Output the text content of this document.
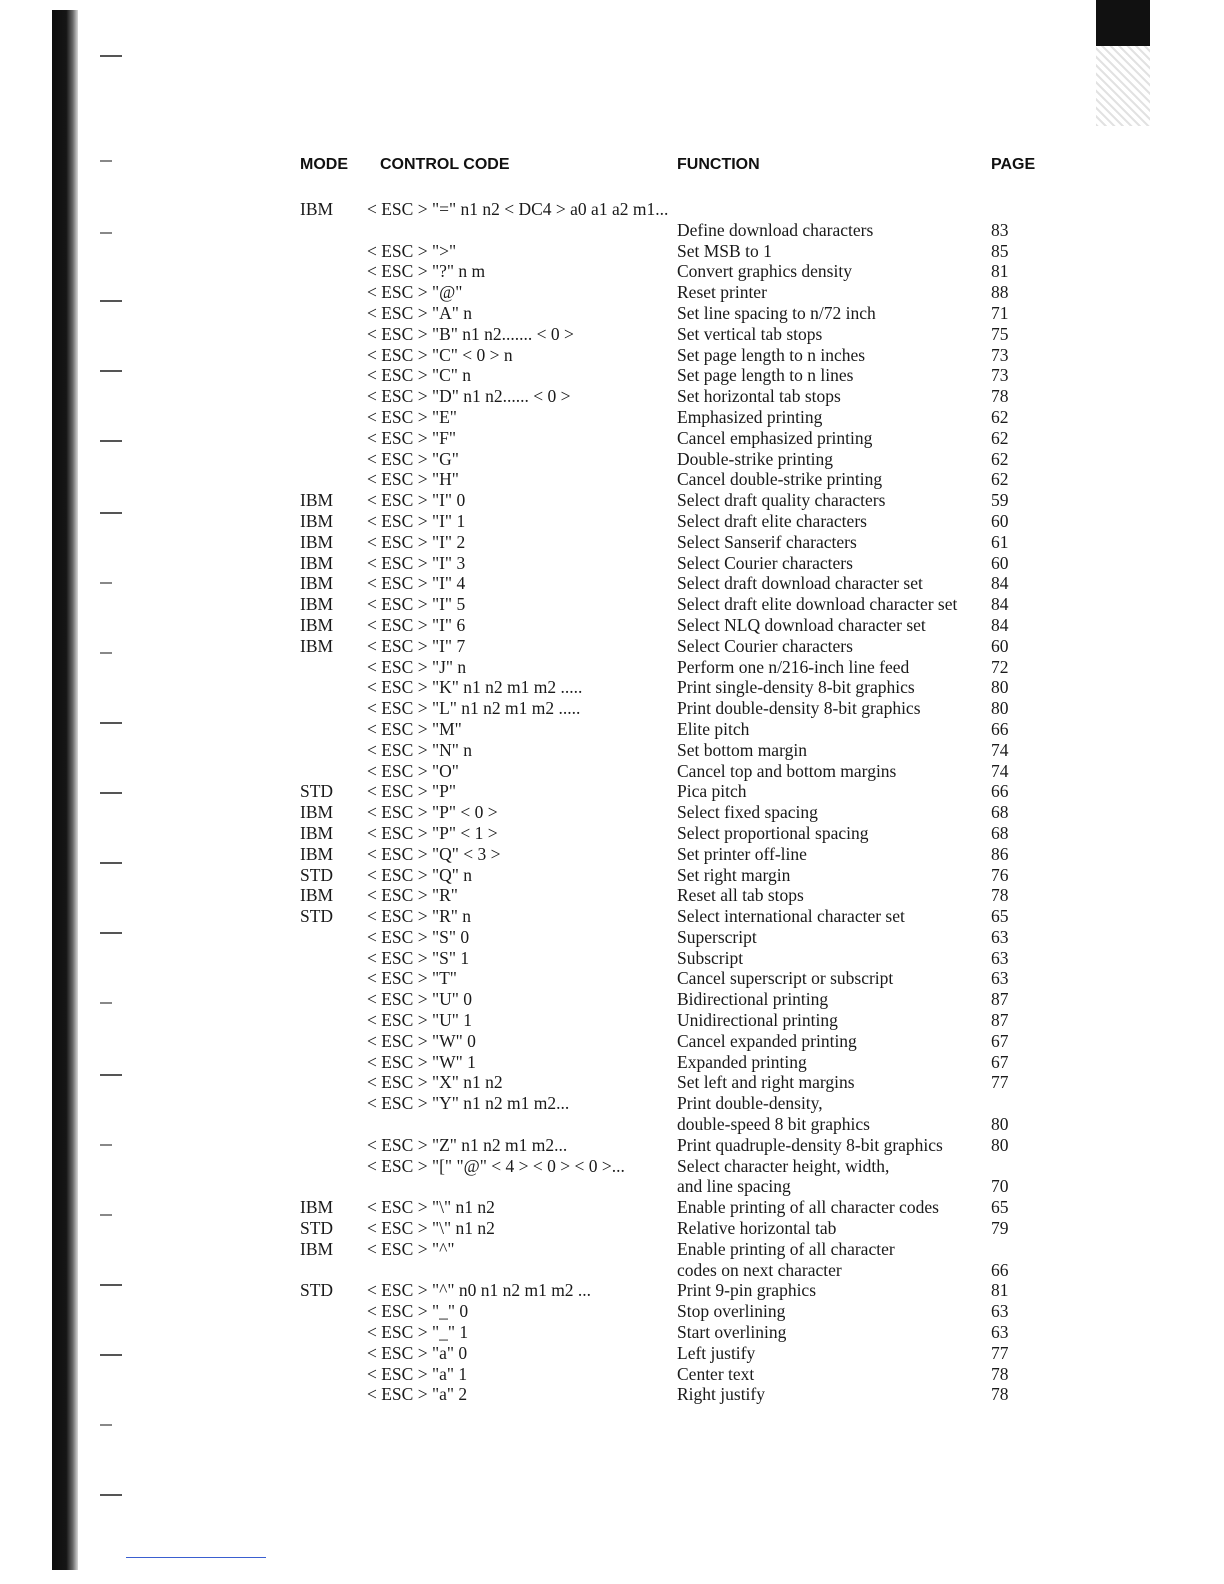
MODE CONTROL CODE	FUNCTION	PAGE
IBM < ESC > "=" n1 n2 < DC4 > a0 a1 a2 m1...
Define download characters	83
< ESC > ">"	Set MSB to 1	85
< ESC > "?" n m	Convert graphics density	81
< ESC > "@"	Reset printer	88
< ESC > "A" n	Set line spacing to n/72 inch	71
< ESC > "B" n1 n2....... < 0 >	Set vertical tab stops	75
< ESC > "C" < 0 > n	Set page length to n inches	73
< ESC > "C" n	Set page length to n lines	73
< ESC > "D" n1 n2...... < 0 >	Set horizontal tab stops	78
< ESC > "E"	Emphasized printing	62
< ESC > "F"	Cancel emphasized printing	62
< ESC > "G"	Double-strike printing	62
< ESC > "H"	Cancel double-strike printing	62
IBM < ESC > "I" 0	Select draft quality characters	59
IBM < ESC > "I" 1	Select draft elite characters	60
IBM < ESC > "I" 2	Select Sanserif characters	61
IBM < ESC > "I" 3	Select Courier characters	60
IBM < ESC > "I" 4	Select draft download character set	84
IBM < ESC > "I" 5	Select draft elite download character set 84
IBM < ESC > "I" 6	Select NLQ download character set	84
IBM < ESC > "I" 7	Select Courier characters	60
< ESC > "J" n	Perform one n/216-inch line feed	72
< ESC > "K" n1 n2 m1 m2 .....	Print single-density 8-bit graphics	80
< ESC > "L" n1 n2 m1 m2 .....	Print double-density 8-bit graphics	80
< ESC > "M"	Elite pitch	66
< ESC > "N" n	Set bottom margin	74
< ESC > "O"	Cancel top and bottom margins	74
STD < ESC > "P"	Pica pitch	66
IBM < ESC > "P" < 0 >	Select fixed spacing	68
IBM < ESC > "P" < 1 >	Select proportional spacing	68
IBM < ESC > "Q" < 3 >	Set printer off-line	86
STD < ESC > "Q" n	Set right margin	76
IBM < ESC > "R"	Reset all tab stops	78
STD < ESC > "R" n	Select international character set	65
< ESC > "S" 0	Superscript	63
< ESC > "S" 1	Subscript	63
< ESC > "T"	Cancel superscript or subscript	63
< ESC > "U" 0	Bidirectional printing	87
< ESC > "U" 1	Unidirectional printing	87
< ESC > "W" 0	Cancel expanded printing	67
< ESC > "W" 1	Expanded printing	67
< ESC > "X" n1 n2	Set left and right margins	77
< ESC > "Y" n1 n2 m1 m2...	Print double-density,
double-speed 8 bit graphics	80
< ESC > "Z" n1 n2 m1 m2...	Print quadruple-density 8-bit graphics	80
< ESC > "[" "@" < 4 > < 0 > < 0 >...	Select character height, width,
and line spacing	70
IBM < ESC > "\" n1 n2	Enable printing of all character codes	65
STD < ESC > "\" n1 n2	Relative horizontal tab	79
IBM < ESC > "^"	Enable printing of all character
codes on next character	66
STD < ESC > "^" n0 n1 n2 m1 m2 ...	Print 9-pin graphics	81
< ESC > "_" 0	Stop overlining	63
< ESC > "_" 1	Start overlining	63
< ESC > "a" 0	Left justify	77
< ESC > "a" 1	Center text	78
< ESC > "a" 2	Right justify	78
